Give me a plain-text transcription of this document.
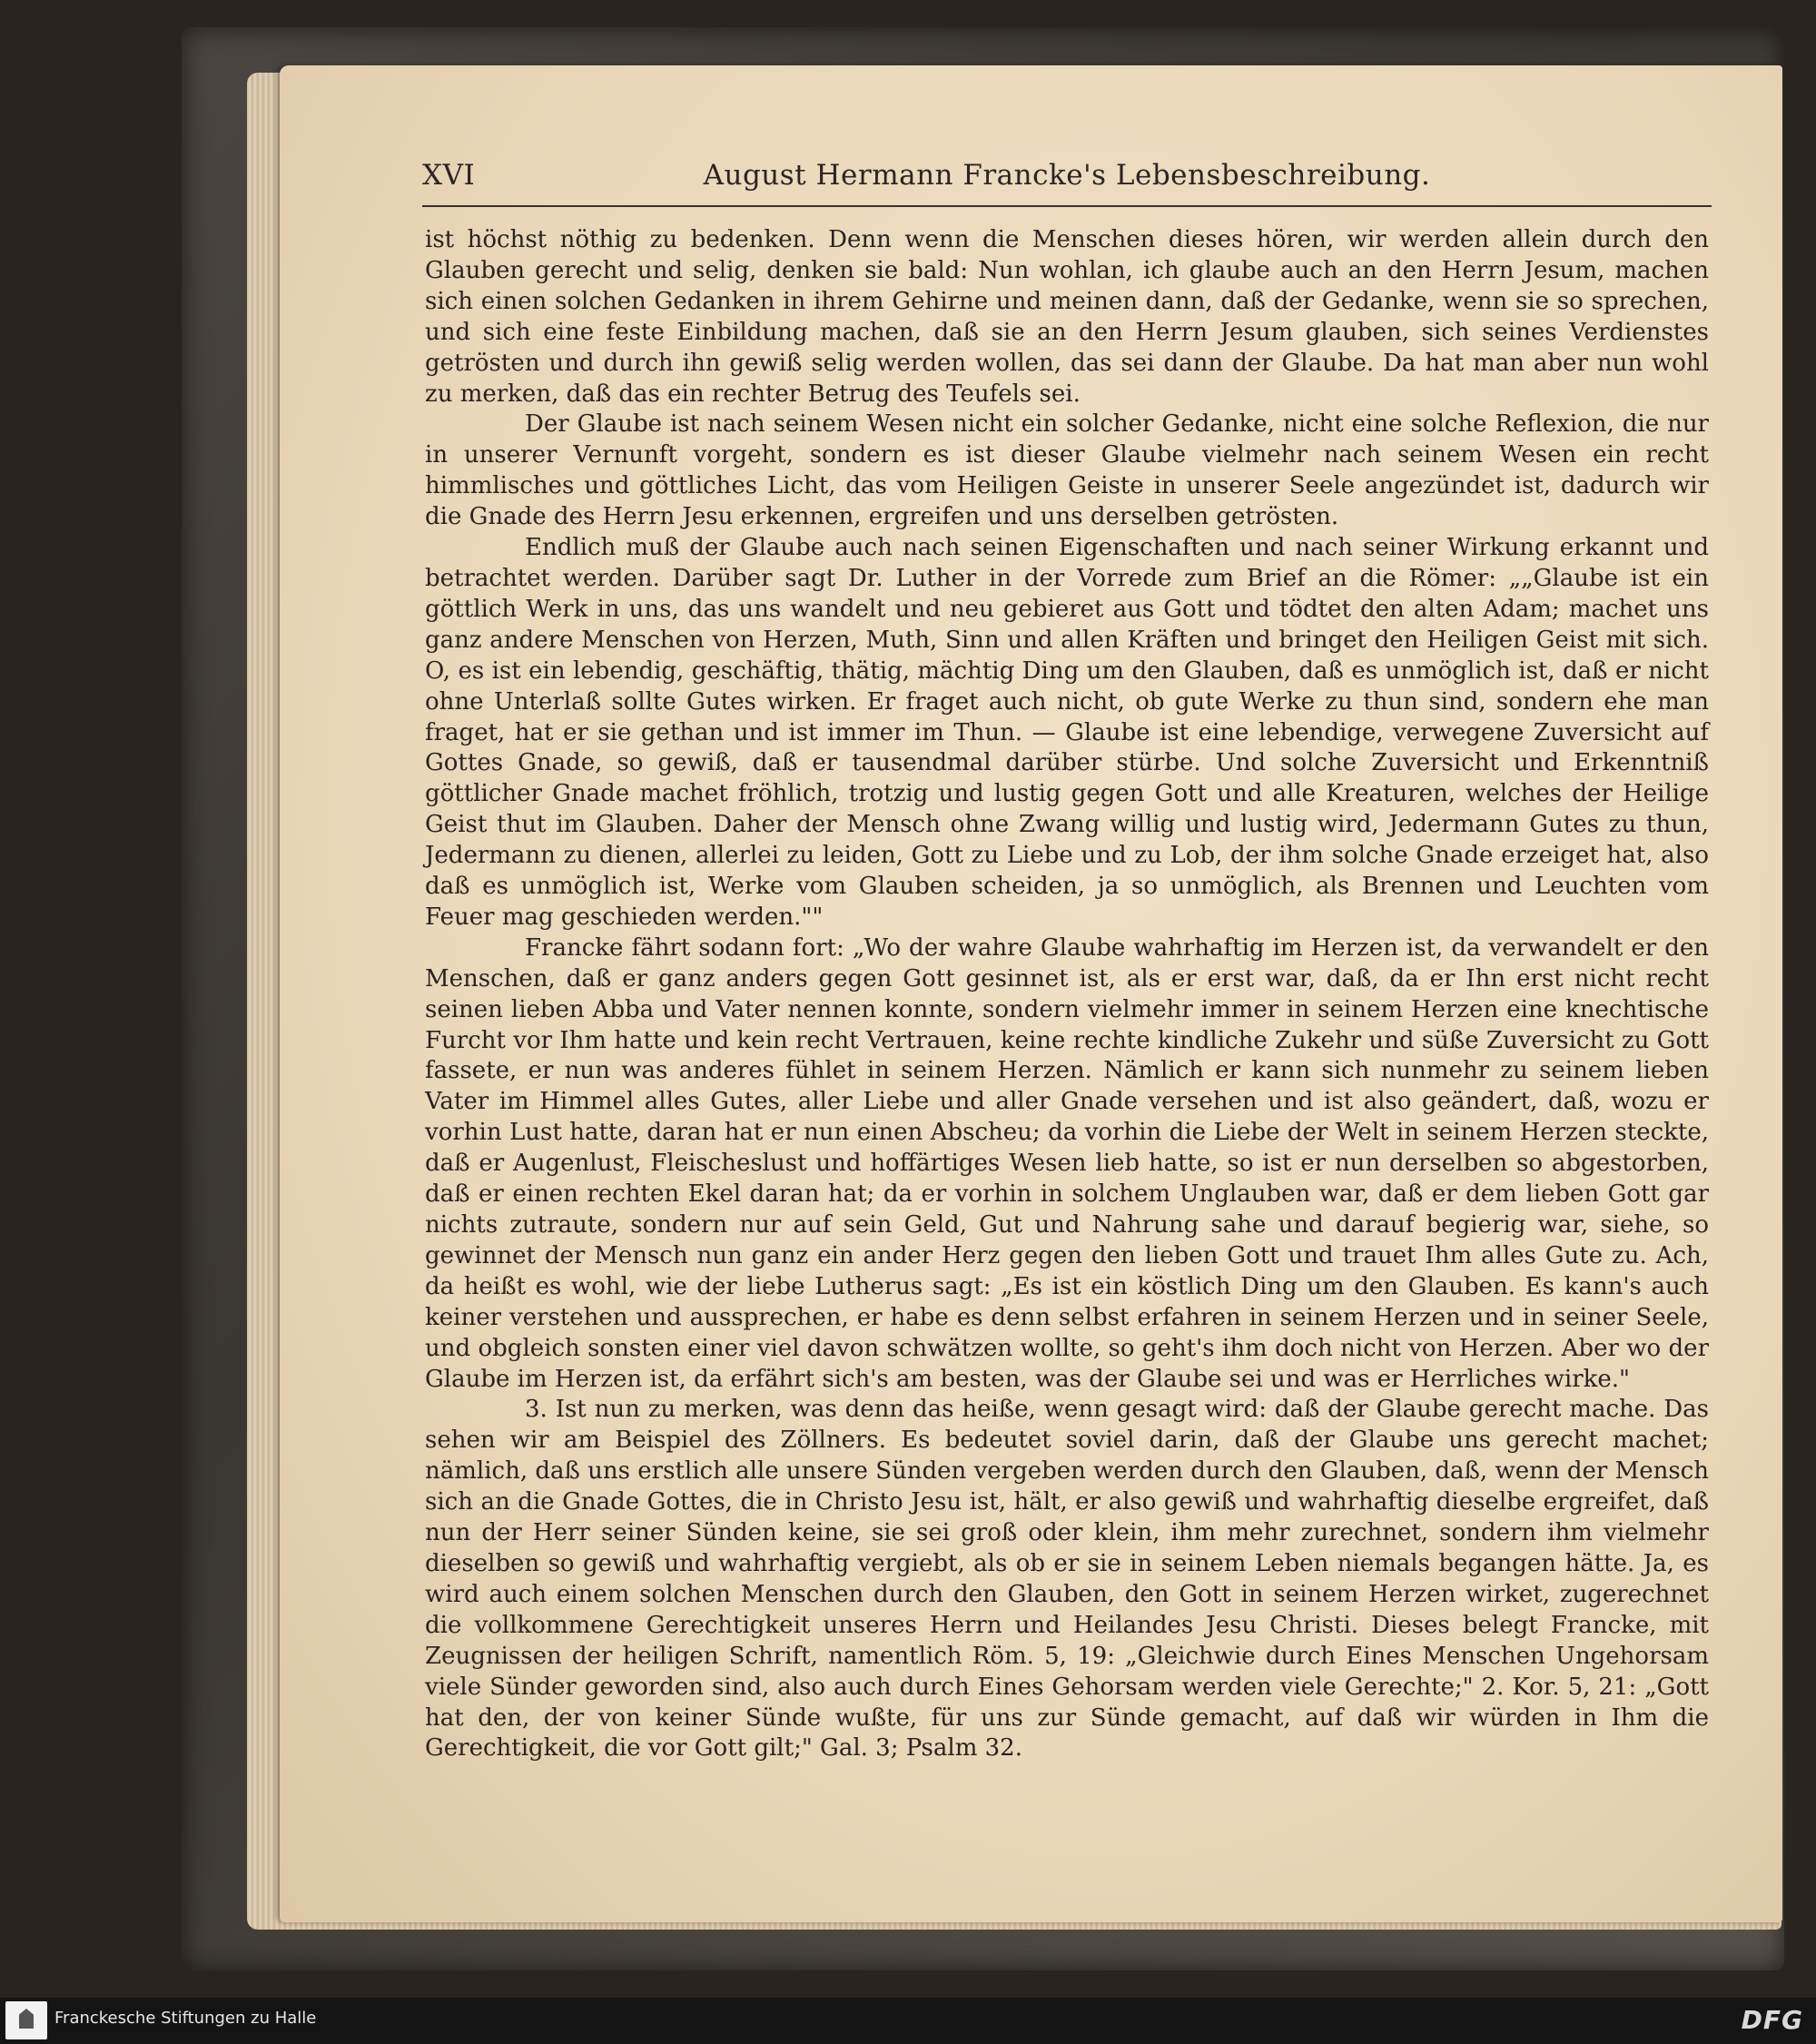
XVI	August Hermann Francke's Lebensbeschreibung.

ist höchst nöthig zu bedenken. Denn wenn die Menschen dieses hören, wir werden allein durch den Glauben gerecht und selig, denken sie bald: Nun wohlan, ich glaube auch an den Herrn Jesum, machen sich einen solchen Gedanken in ihrem Gehirne und meinen dann, daß der Gedanke, wenn sie so sprechen, und sich eine feste Einbildung machen, daß sie an den Herrn Jesum glauben, sich seines Verdienstes getrösten und durch ihn gewiß selig werden wollen, das sei dann der Glaube. Da hat man aber nun wohl zu merken, daß das ein rechter Betrug des Teufels sei.

Der Glaube ist nach seinem Wesen nicht ein solcher Gedanke, nicht eine solche Reflexion, die nur in unserer Vernunft vorgeht, sondern es ist dieser Glaube vielmehr nach seinem Wesen ein recht himmlisches und göttliches Licht, das vom Heiligen Geiste in unserer Seele angezündet ist, dadurch wir die Gnade des Herrn Jesu erkennen, ergreifen und uns derselben getrösten.

Endlich muß der Glaube auch nach seinen Eigenschaften und nach seiner Wirkung erkannt und betrachtet werden. Darüber sagt Dr. Luther in der Vorrede zum Brief an die Römer: „„Glaube ist ein göttlich Werk in uns, das uns wandelt und neu gebieret aus Gott und tödtet den alten Adam; machet uns ganz andere Menschen von Herzen, Muth, Sinn und allen Kräften und bringet den Heiligen Geist mit sich. O, es ist ein lebendig, geschäftig, thätig, mächtig Ding um den Glauben, daß es unmöglich ist, daß er nicht ohne Unterlaß sollte Gutes wirken. Er fraget auch nicht, ob gute Werke zu thun sind, sondern ehe man fraget, hat er sie gethan und ist immer im Thun. — Glaube ist eine lebendige, verwegene Zuversicht auf Gottes Gnade, so gewiß, daß er tausendmal darüber stürbe. Und solche Zuversicht und Erkenntniß göttlicher Gnade machet fröhlich, trotzig und lustig gegen Gott und alle Kreaturen, welches der Heilige Geist thut im Glauben. Daher der Mensch ohne Zwang willig und lustig wird, Jedermann Gutes zu thun, Jedermann zu dienen, allerlei zu leiden, Gott zu Liebe und zu Lob, der ihm solche Gnade erzeiget hat, also daß es unmöglich ist, Werke vom Glauben scheiden, ja so unmöglich, als Brennen und Leuchten vom Feuer mag geschieden werden.""

Francke fährt sodann fort: „Wo der wahre Glaube wahrhaftig im Herzen ist, da verwandelt er den Menschen, daß er ganz anders gegen Gott gesinnet ist, als er erst war, daß, da er Ihn erst nicht recht seinen lieben Abba und Vater nennen konnte, sondern vielmehr immer in seinem Herzen eine knechtische Furcht vor Ihm hatte und kein recht Vertrauen, keine rechte kindliche Zukehr und süße Zuversicht zu Gott fassete, er nun was anderes fühlet in seinem Herzen. Nämlich er kann sich nunmehr zu seinem lieben Vater im Himmel alles Gutes, aller Liebe und aller Gnade versehen und ist also geändert, daß, wozu er vorhin Lust hatte, daran hat er nun einen Abscheu; da vorhin die Liebe der Welt in seinem Herzen steckte, daß er Augenlust, Fleischeslust und hoffärtiges Wesen lieb hatte, so ist er nun derselben so abgestorben, daß er einen rechten Ekel daran hat; da er vorhin in solchem Unglauben war, daß er dem lieben Gott gar nichts zutraute, sondern nur auf sein Geld, Gut und Nahrung sahe und darauf begierig war, siehe, so gewinnet der Mensch nun ganz ein ander Herz gegen den lieben Gott und trauet Ihm alles Gute zu. Ach, da heißt es wohl, wie der liebe Lutherus sagt: „Es ist ein köstlich Ding um den Glauben. Es kann's auch keiner verstehen und aussprechen, er habe es denn selbst erfahren in seinem Herzen und in seiner Seele, und obgleich sonsten einer viel davon schwätzen wollte, so geht's ihm doch nicht von Herzen. Aber wo der Glaube im Herzen ist, da erfährt sich's am besten, was der Glaube sei und was er Herrliches wirke."

3. Ist nun zu merken, was denn das heiße, wenn gesagt wird: daß der Glaube gerecht mache. Das sehen wir am Beispiel des Zöllners. Es bedeutet soviel darin, daß der Glaube uns gerecht machet; nämlich, daß uns erstlich alle unsere Sünden vergeben werden durch den Glauben, daß, wenn der Mensch sich an die Gnade Gottes, die in Christo Jesu ist, hält, er also gewiß und wahrhaftig dieselbe ergreifet, daß nun der Herr seiner Sünden keine, sie sei groß oder klein, ihm mehr zurechnet, sondern ihm vielmehr dieselben so gewiß und wahrhaftig vergiebt, als ob er sie in seinem Leben niemals begangen hätte. Ja, es wird auch einem solchen Menschen durch den Glauben, den Gott in seinem Herzen wirket, zugerechnet die vollkommene Gerechtigkeit unseres Herrn und Heilandes Jesu Christi. Dieses belegt Francke, mit Zeugnissen der heiligen Schrift, namentlich Röm. 5, 19: „Gleichwie durch Eines Menschen Ungehorsam viele Sünder geworden sind, also auch durch Eines Gehorsam werden viele Gerechte;" 2. Kor. 5, 21: „Gott hat den, der von keiner Sünde wußte, für uns zur Sünde gemacht, auf daß wir würden in Ihm die Gerechtigkeit, die vor Gott gilt;" Gal. 3; Psalm 32.

Franckesche Stiftungen zu Halle	DFG
